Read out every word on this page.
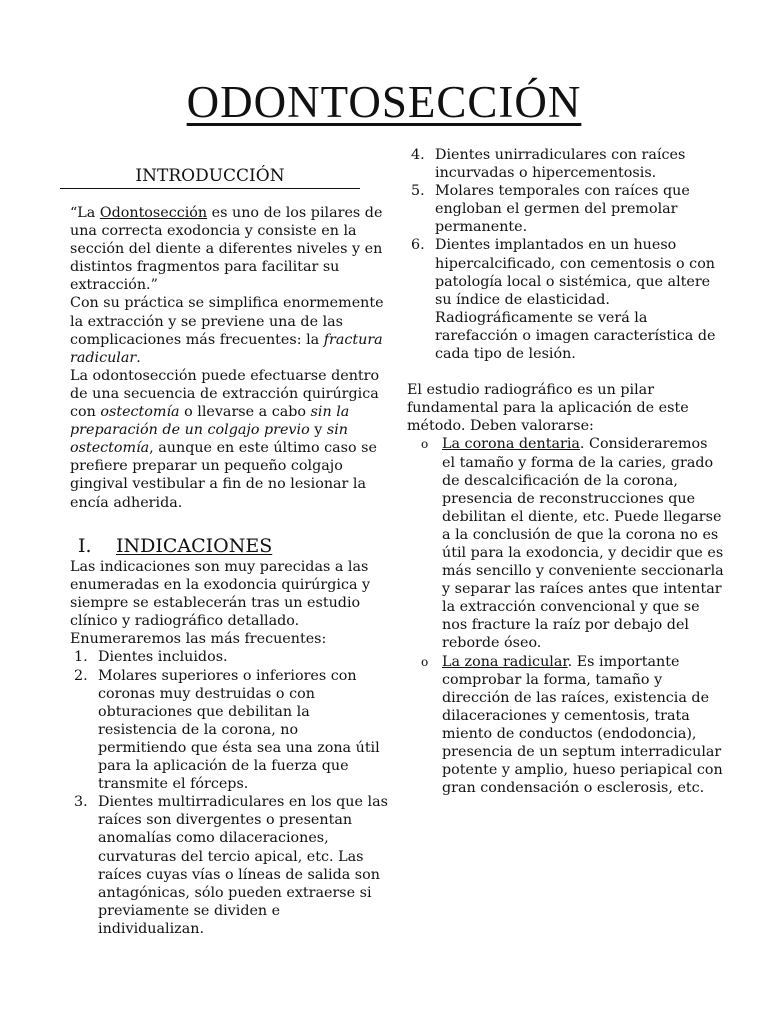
ODONTOSECCIÓN
INTRODUCCIÓN

“La Odontosección es uno de los pilares de una correcta exodoncia y consiste en la sección del diente a diferentes niveles y en distintos fragmentos para facilitar su extracción.”

Con su práctica se simplifica enormemente la extracción y se previene una de las complicaciones más frecuentes: la fractura radicular.

La odontosección puede efectuarse dentro de una secuencia de extracción quirúrgica con ostectomía o llevarse a cabo sin la preparación de un colgajo previo y sin ostectomía, aunque en este último caso se prefiere preparar un pequeño colgajo gingival vestibular a fin de no lesionar la encía adherida.

I. INDICACIONES

Las indicaciones son muy parecidas a las enumeradas en la exodoncia quirúrgica y siempre se establecerán tras un estudio clínico y radiográfico detallado.

Enumeraremos las más frecuentes:

1. Dientes incluidos.
2. Molares superiores o inferiores con coronas muy destruidas o con obturaciones que debilitan la resistencia de la corona, no permitiendo que ésta sea una zona útil para la aplicación de la fuerza que transmite el fórceps.
3. Dientes multirradiculares en los que las raíces son divergentes o presentan anomalías como dilaceraciones, curvaturas del tercio apical, etc. Las raíces cuyas vías o líneas de salida son antagónicas, sólo pueden extraerse si previamente se dividen e individualizan.
4. Dientes unirradiculares con raíces incurvadas o hipercementosis.
5. Molares temporales con raíces que engloban el germen del premolar permanente.
6. Dientes implantados en un hueso hipercalcificado, con cementosis o con patología local o sistémica, que altere su índice de elasticidad. Radiográficamente se verá la rarefacción o imagen característica de cada tipo de lesión.

El estudio radiográfico es un pilar fundamental para la aplicación de este método. Deben valorarse:

o La corona dentaria. Consideraremos el tamaño y forma de la caries, grado de descalcificación de la corona, presencia de reconstrucciones que debilitan el diente, etc. Puede llegarse a la conclusión de que la corona no es útil para la exodoncia, y decidir que es más sencillo y conveniente seccionarla y separar las raíces antes que intentar la extracción convencional y que se nos fracture la raíz por debajo del reborde óseo.
o La zona radicular. Es importante comprobar la forma, tamaño y dirección de las raíces, existencia de dilaceraciones y cementosis, trata miento de conductos (endodoncia), presencia de un septum interradicular potente y amplio, hueso periapical con gran condensación o esclerosis, etc.
